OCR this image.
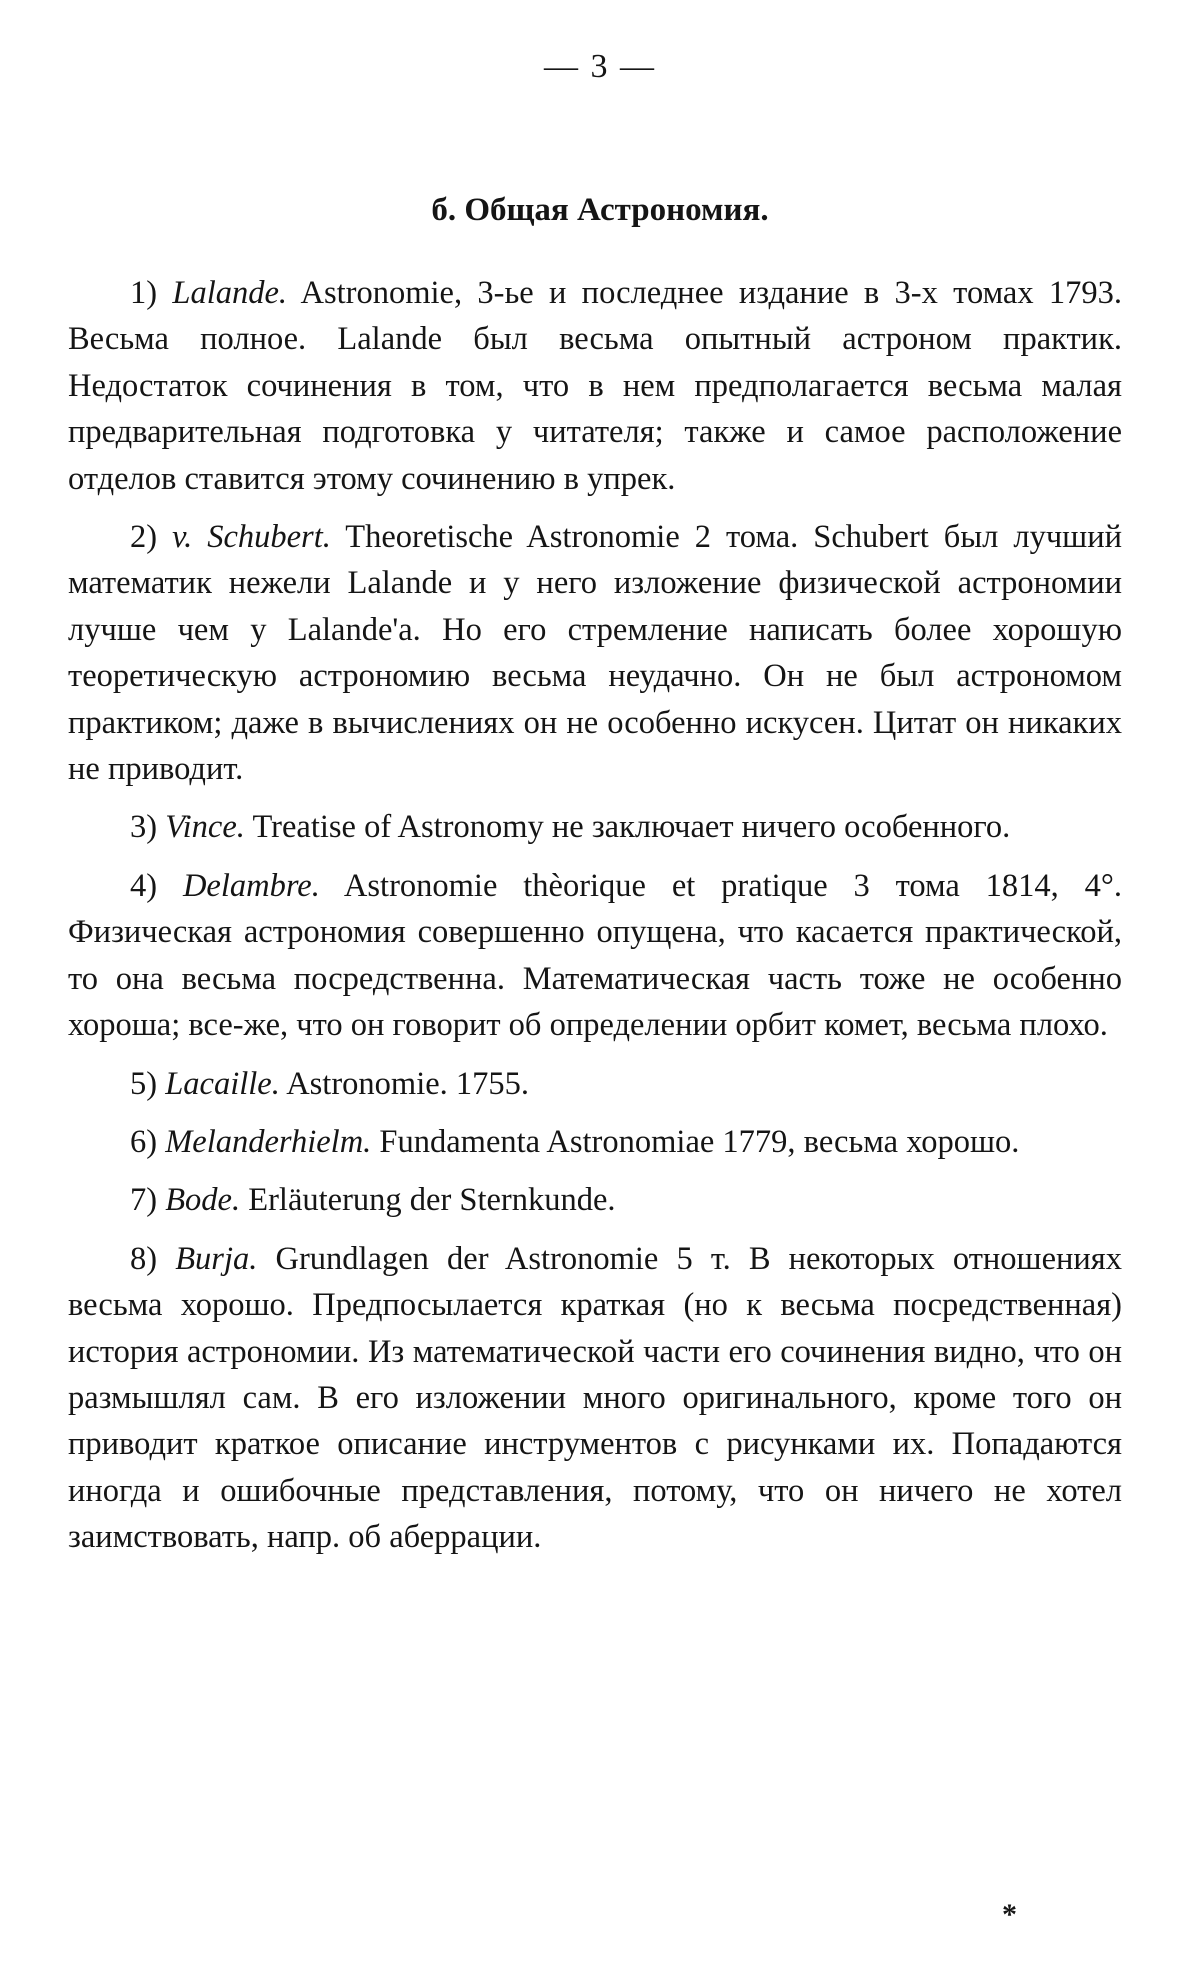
— 3 —
б. Общая Астрономия.

1) Lalande. Astronomie, 3-ье и последнее издание в 3-х томах 1793. Весьма полное. Lalande был весьма опытный астроном практик. Недостаток сочинения в том, что в нем предполагается весьма малая предварительная подготовка у читателя; также и самое расположение отделов ставится этому сочинению в упрек.

2) v. Schubert. Theoretische Astronomie 2 тома. Schubert был лучший математик нежели Lalande и у него изложение физической астрономии лучше чем у Lalande'a. Но его стремление написать более хорошую теоретическую астрономию весьма неудачно. Он не был астрономом практиком; даже в вычислениях он не особенно искусен. Цитат он никаких не приводит.

3) Vince. Treatise of Astronomy не заключает ничего особенного.

4) Delambre. Astronomie thèorique et pratique 3 тома 1814, 4°. Физическая астрономия совершенно опущена, что касается практической, то она весьма посредственна. Математическая часть тоже не особенно хороша; все-же, что он говорит об определении орбит комет, весьма плохо.

5) Lacaille. Astronomie. 1755.

6) Melanderhielm. Fundamenta Astronomiae 1779, весьма хорошо.

7) Bode. Erläuterung der Sternkunde.

8) Burja. Grundlagen der Astronomie 5 т. В некоторых отношениях весьма хорошо. Предпосылается краткая (но к весьма посредственная) история астрономии. Из математической части его сочинения видно, что он размышлял сам. В его изложении много оригинального, кроме того он приводит краткое описание инструментов с рисунками их. Попадаются иногда и ошибочные представления, потому, что он ничего не хотел заимствовать, напр. об аберрации.

*
